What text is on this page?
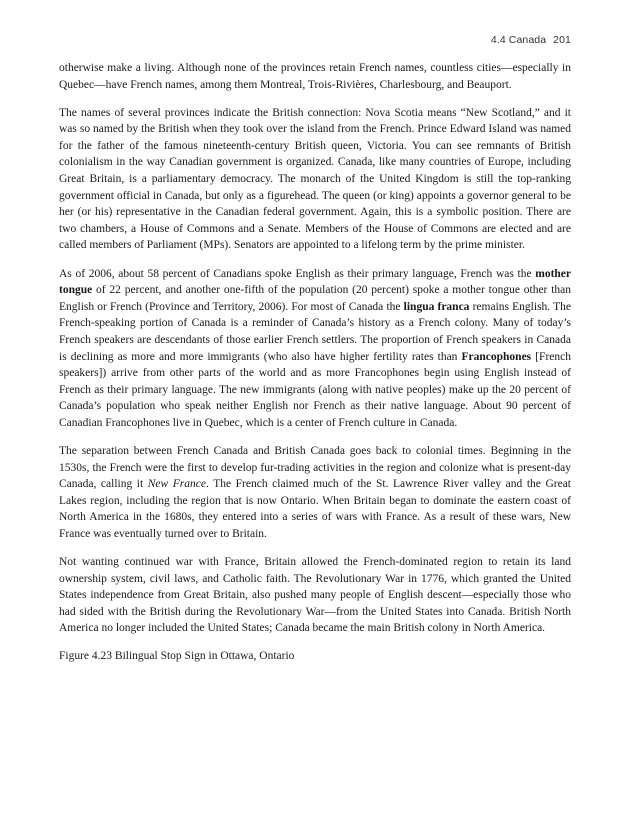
4.4 Canada 201

otherwise make a living. Although none of the provinces retain French names, countless cities—especially in Quebec—have French names, among them Montreal, Trois-Rivières, Charlesbourg, and Beauport.

The names of several provinces indicate the British connection: Nova Scotia means “New Scotland,” and it was so named by the British when they took over the island from the French. Prince Edward Island was named for the father of the famous nineteenth-century British queen, Victoria. You can see remnants of British colonialism in the way Canadian government is organized. Canada, like many countries of Europe, including Great Britain, is a parliamentary democracy. The monarch of the United Kingdom is still the top-ranking government official in Canada, but only as a figurehead. The queen (or king) appoints a governor general to be her (or his) representative in the Canadian federal government. Again, this is a symbolic position. There are two chambers, a House of Commons and a Senate. Members of the House of Commons are elected and are called members of Parliament (MPs). Senators are appointed to a lifelong term by the prime minister.

As of 2006, about 58 percent of Canadians spoke English as their primary language, French was the mother tongue of 22 percent, and another one-fifth of the population (20 percent) spoke a mother tongue other than English or French (Province and Territory, 2006). For most of Canada the lingua franca remains English. The French-speaking portion of Canada is a reminder of Canada’s history as a French colony. Many of today’s French speakers are descendants of those earlier French settlers. The proportion of French speakers in Canada is declining as more and more immigrants (who also have higher fertility rates than Francophones [French speakers]) arrive from other parts of the world and as more Francophones begin using English instead of French as their primary language. The new immigrants (along with native peoples) make up the 20 percent of Canada’s population who speak neither English nor French as their native language. About 90 percent of Canadian Francophones live in Quebec, which is a center of French culture in Canada.

The separation between French Canada and British Canada goes back to colonial times. Beginning in the 1530s, the French were the first to develop fur-trading activities in the region and colonize what is present-day Canada, calling it New France. The French claimed much of the St. Lawrence River valley and the Great Lakes region, including the region that is now Ontario. When Britain began to dominate the eastern coast of North America in the 1680s, they entered into a series of wars with France. As a result of these wars, New France was eventually turned over to Britain.

Not wanting continued war with France, Britain allowed the French-dominated region to retain its land ownership system, civil laws, and Catholic faith. The Revolutionary War in 1776, which granted the United States independence from Great Britain, also pushed many people of English descent—especially those who had sided with the British during the Revolutionary War—from the United States into Canada. British North America no longer included the United States; Canada became the main British colony in North America.

Figure 4.23 Bilingual Stop Sign in Ottawa, Ontario
